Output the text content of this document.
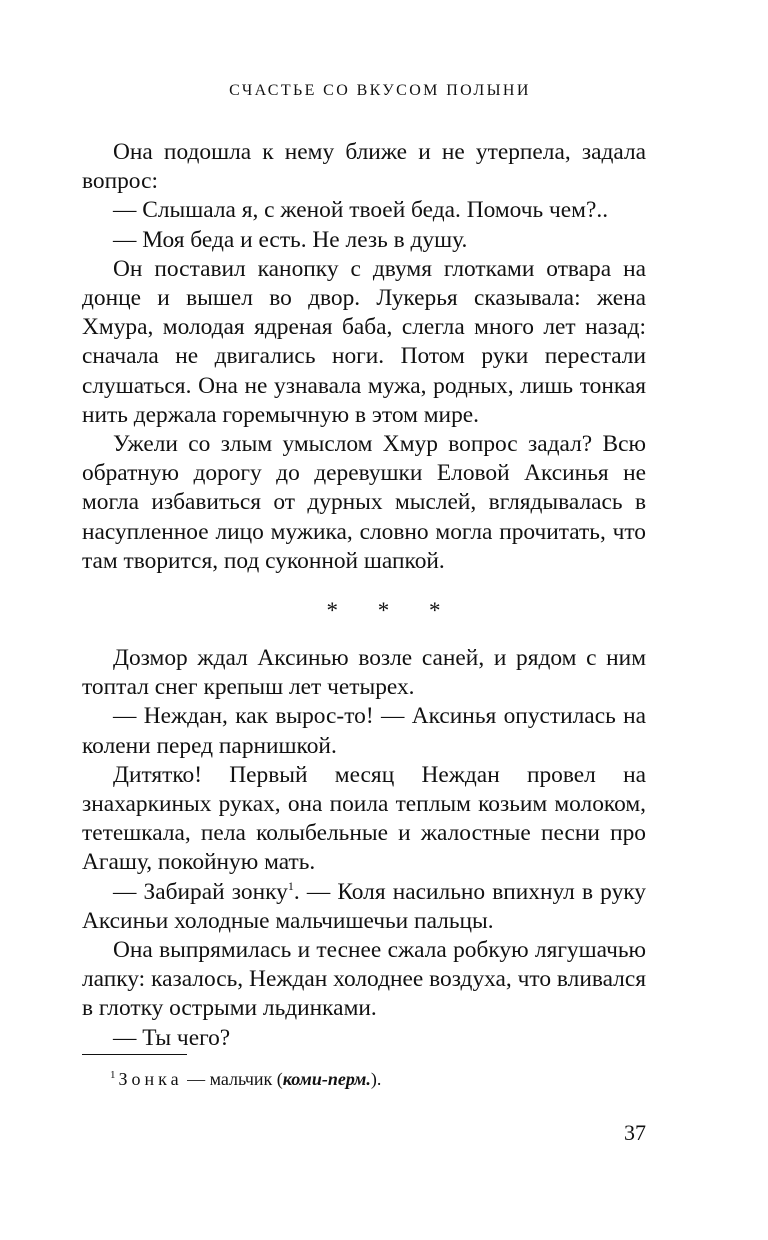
СЧАСТЬЕ СО ВКУСОМ ПОЛЫНИ

Она подошла к нему ближе и не утерпела, задала вопрос:

— Слышала я, с женой твоей беда. Помочь чем?..

— Моя беда и есть. Не лезь в душу.

Он поставил канопку с двумя глотками отвара на донце и вышел во двор. Лукерья сказывала: жена Хмура, молодая ядреная баба, слегла много лет назад: сначала не двигались ноги. Потом руки перестали слушаться. Она не узнавала мужа, родных, лишь тонкая нить держала горемычную в этом мире.

Ужели со злым умыслом Хмур вопрос задал? Всю обратную дорогу до деревушки Еловой Аксинья не могла избавиться от дурных мыслей, вглядывалась в насупленное лицо мужика, словно могла прочитать, что там творится, под суконной шапкой.

* * *

Дозмор ждал Аксинью возле саней, и рядом с ним топтал снег крепыш лет четырех.

— Неждан, как вырос-то! — Аксинья опустилась на колени перед парнишкой.

Дитятко! Первый месяц Неждан провел на знахаркиных руках, она поила теплым козьим молоком, тетешкала, пела колыбельные и жалостные песни про Агашу, покойную мать.

— Забирай зонку$^1$. — Коля насильно впихнул в руку Аксиньи холодные мальчишечьи пальцы.

Она выпрямилась и теснее сжала робкую лягушачью лапку: казалось, Неждан холоднее воздуха, что вливался в глотку острыми льдинками.

— Ты чего?

$^1$ Зонка — мальчик (коми-перм.).
37
